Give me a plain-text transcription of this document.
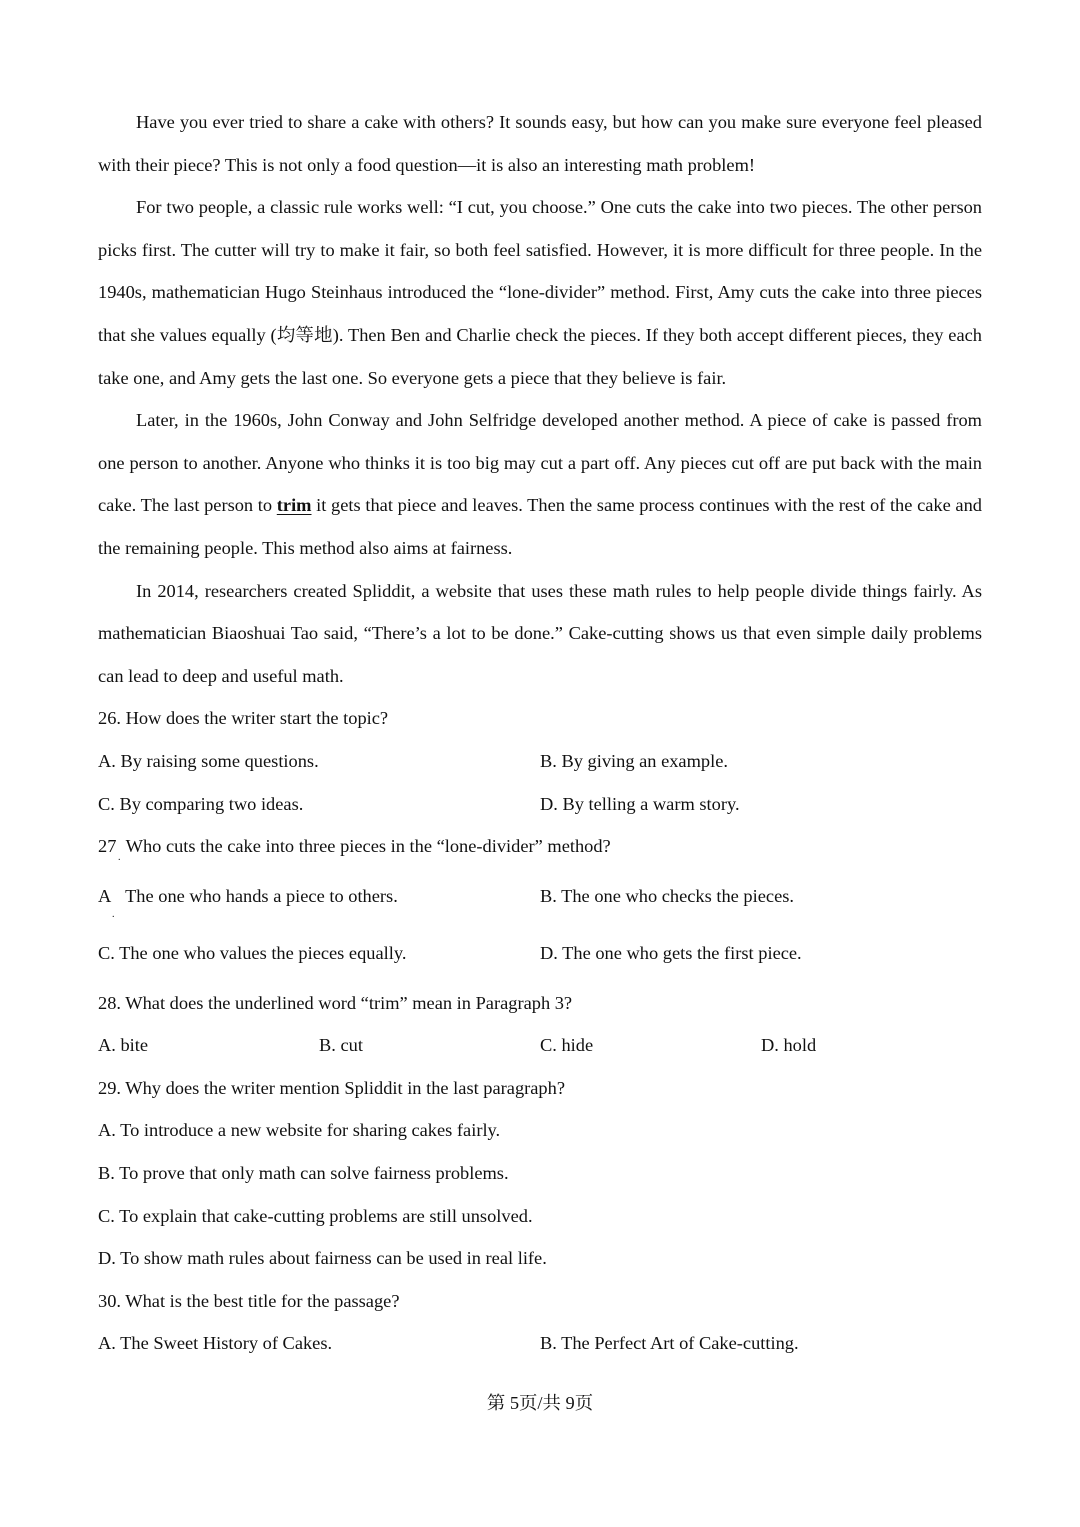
Have you ever tried to share a cake with others? It sounds easy, but how can you make sure everyone feel pleased with their piece? This is not only a food question—it is also an interesting math problem!

For two people, a classic rule works well: “I cut, you choose.” One cuts the cake into two pieces. The other person picks first. The cutter will try to make it fair, so both feel satisfied. However, it is more difficult for three people. In the 1940s, mathematician Hugo Steinhaus introduced the “lone-divider” method. First, Amy cuts the cake into three pieces that she values equally (均等地). Then Ben and Charlie check the pieces. If they both accept different pieces, they each take one, and Amy gets the last one. So everyone gets a piece that they believe is fair.

Later, in the 1960s, John Conway and John Selfridge developed another method. A piece of cake is passed from one person to another. Anyone who thinks it is too big may cut a part off. Any pieces cut off are put back with the main cake. The last person to trim it gets that piece and leaves. Then the same process continues with the rest of the cake and the remaining people. This method also aims at fairness.

In 2014, researchers created Spliddit, a website that uses these math rules to help people divide things fairly. As mathematician Biaoshuai Tao said, “There’s a lot to be done.” Cake-cutting shows us that even simple daily problems can lead to deep and useful math.

26. How does the writer start the topic?
A. By raising some questions.	B. By giving an example.
C. By comparing two ideas.	D. By telling a warm story.
27
.
Who cuts the cake into three pieces in the “lone-divider” method?
A
.
The one who hands a piece to others.	B. The one who checks the pieces.
C. The one who values the pieces equally.	D. The one who gets the first piece.
28. What does the underlined word “trim” mean in Paragraph 3?
A. bite	B. cut	C. hide	D. hold
29. Why does the writer mention Spliddit in the last paragraph?
A. To introduce a new website for sharing cakes fairly.
B. To prove that only math can solve fairness problems.
C. To explain that cake-cutting problems are still unsolved.
D. To show math rules about fairness can be used in real life.
30. What is the best title for the passage?
A. The Sweet History of Cakes.	B. The Perfect Art of Cake-cutting.
第 5页/共 9页
